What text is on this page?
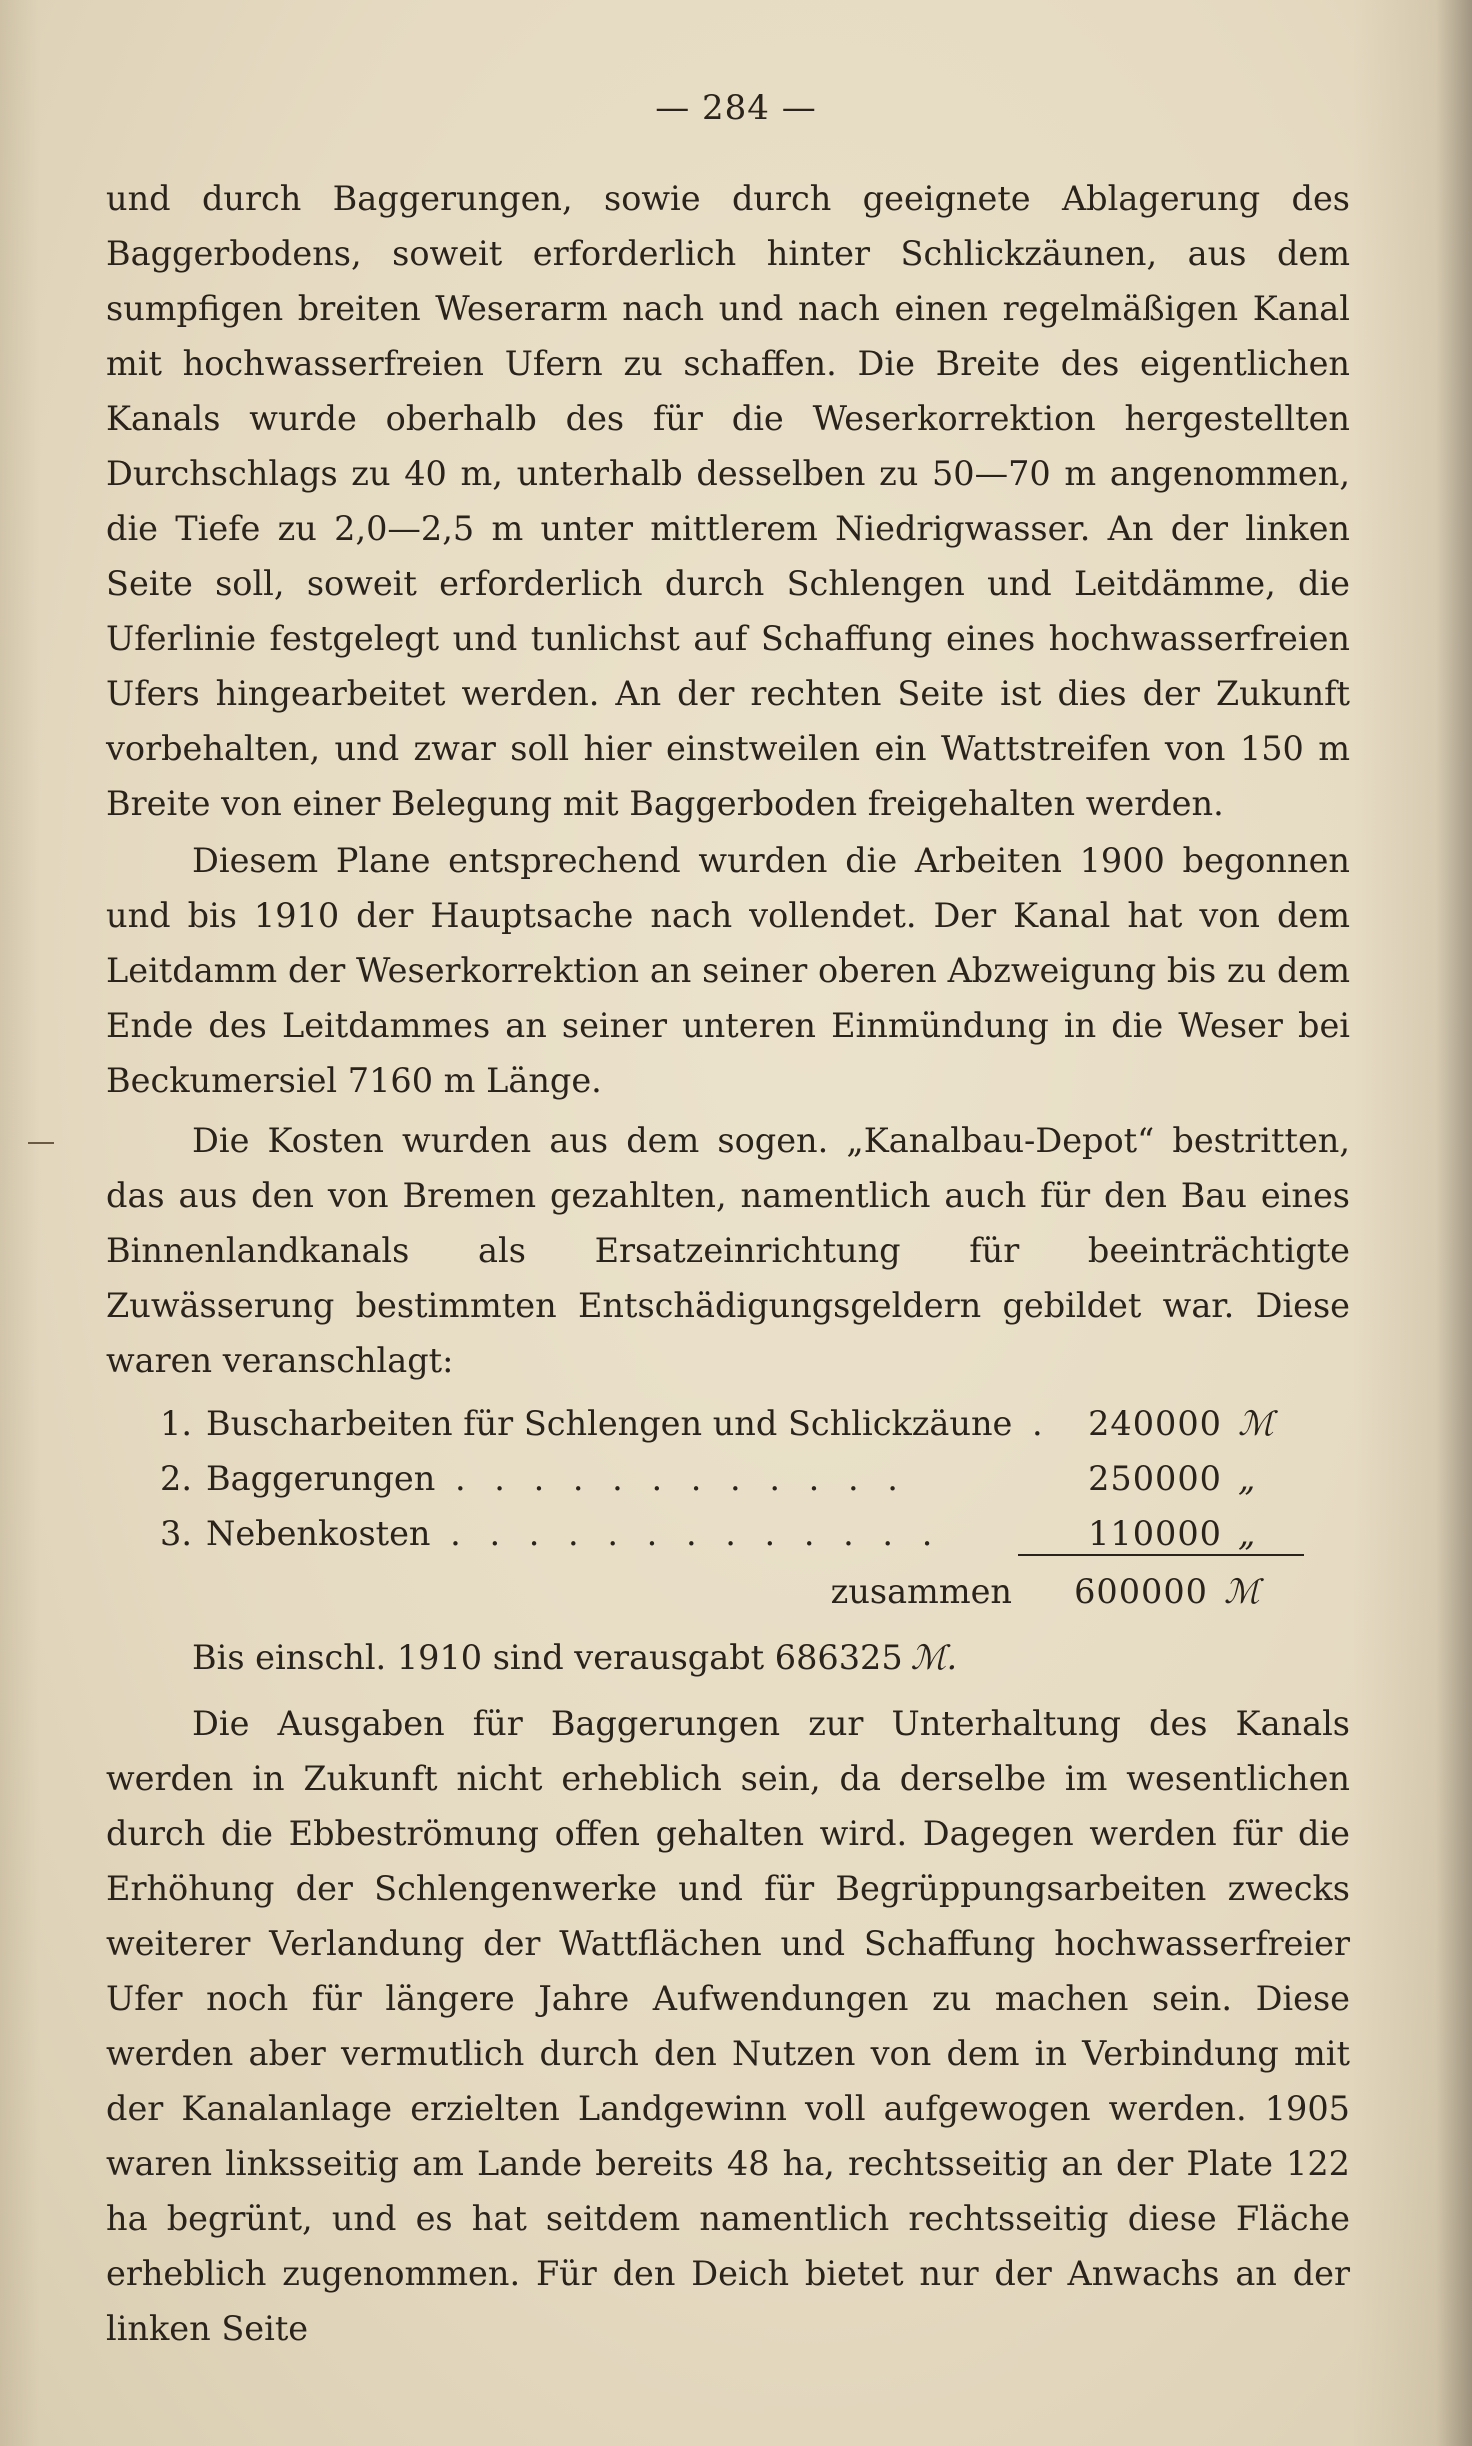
— 284 —
und durch Baggerungen, sowie durch geeignete Ablagerung des Baggerbodens, soweit erforderlich hinter Schlickzäunen, aus dem sumpfigen breiten Weserarm nach und nach einen regelmäßigen Kanal mit hochwasserfreien Ufern zu schaffen. Die Breite des eigentlichen Kanals wurde oberhalb des für die Weserkorrektion hergestellten Durchschlags zu 40 m, unterhalb desselben zu 50—70 m angenommen, die Tiefe zu 2,0—2,5 m unter mittlerem Niedrigwasser. An der linken Seite soll, soweit erforderlich durch Schlengen und Leitdämme, die Uferlinie festgelegt und tunlichst auf Schaffung eines hochwasserfreien Ufers hingearbeitet werden. An der rechten Seite ist dies der Zukunft vorbehalten, und zwar soll hier einstweilen ein Wattstreifen von 150 m Breite von einer Belegung mit Baggerboden freigehalten werden.
Diesem Plane entsprechend wurden die Arbeiten 1900 begonnen und bis 1910 der Hauptsache nach vollendet. Der Kanal hat von dem Leitdamm der Weserkorrektion an seiner oberen Abzweigung bis zu dem Ende des Leitdammes an seiner unteren Einmündung in die Weser bei Beckumersiel 7160 m Länge.
Die Kosten wurden aus dem sogen. „Kanalbau-Depot“ bestritten, das aus den von Bremen gezahlten, namentlich auch für den Bau eines Binnenlandkanals als Ersatzeinrichtung für beeinträchtigte Zuwässerung bestimmten Entschädigungsgeldern gebildet war. Diese waren veranschlagt:
1. Buscharbeiten für Schlengen und Schlickzäune .	240000 ℳ
2. Baggerungen . . . . . . . . . . . .	250000 „
3. Nebenkosten . . . . . . . . . . . . .	110000 „
zusammen	600000 ℳ
Bis einschl. 1910 sind verausgabt 686325 ℳ.
Die Ausgaben für Baggerungen zur Unterhaltung des Kanals werden in Zukunft nicht erheblich sein, da derselbe im wesentlichen durch die Ebbeströmung offen gehalten wird. Dagegen werden für die Erhöhung der Schlengenwerke und für Begrüppungsarbeiten zwecks weiterer Verlandung der Wattflächen und Schaffung hochwasserfreier Ufer noch für längere Jahre Aufwendungen zu machen sein. Diese werden aber vermutlich durch den Nutzen von dem in Verbindung mit der Kanalanlage erzielten Landgewinn voll aufgewogen werden. 1905 waren linksseitig am Lande bereits 48 ha, rechtsseitig an der Plate 122 ha begrünt, und es hat seitdem namentlich rechtsseitig diese Fläche erheblich zugenommen. Für den Deich bietet nur der Anwachs an der linken Seite
